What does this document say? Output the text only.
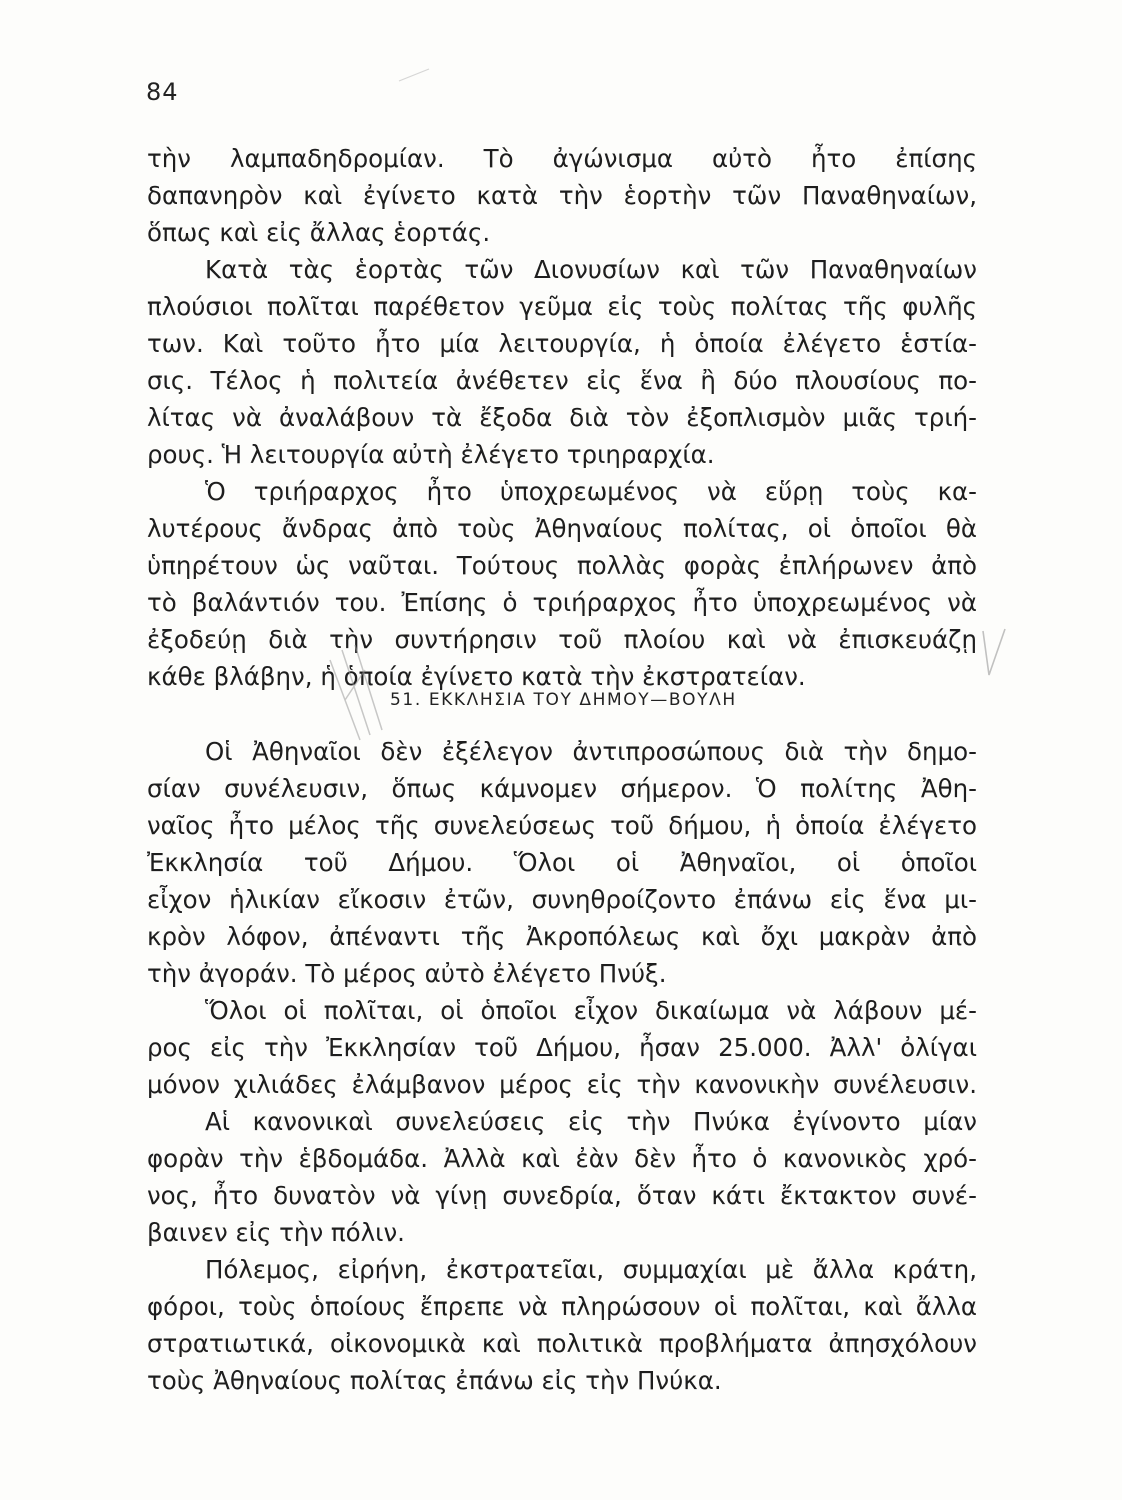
84
τὴν λαμπαδηδρομίαν. Τὸ ἀγώνισμα αὐτὸ ἦτο ἐπίσης
δαπανηρὸν καὶ ἐγίνετο κατὰ τὴν ἑορτὴν τῶν Παναθηναίων,
ὅπως καὶ εἰς ἄλλας ἑορτάς.
Κατὰ τὰς ἑορτὰς τῶν Διονυσίων καὶ τῶν Παναθηναίων
πλούσιοι πολῖται παρέθετον γεῦμα εἰς τοὺς πολίτας τῆς φυλῆς
των. Καὶ τοῦτο ἦτο μία λειτουργία, ἡ ὁποία ἐλέγετο ἑστία-
σις. Τέλος ἡ πολιτεία ἀνέθετεν εἰς ἕνα ἢ δύο πλουσίους πο-
λίτας νὰ ἀναλάβουν τὰ ἔξοδα διὰ τὸν ἐξοπλισμὸν μιᾶς τριή-
ρους. Ἡ λειτουργία αὐτὴ ἐλέγετο τριηραρχία.
Ὁ τριήραρχος ἦτο ὑποχρεωμένος νὰ εὕρῃ τοὺς κα-
λυτέρους ἄνδρας ἀπὸ τοὺς Ἀθηναίους πολίτας, οἱ ὁποῖοι θὰ
ὑπηρέτουν ὡς ναῦται. Τούτους πολλὰς φορὰς ἐπλήρωνεν ἀπὸ
τὸ βαλάντιόν του. Ἐπίσης ὁ τριήραρχος ἦτο ὑποχρεωμένος νὰ
ἐξοδεύῃ διὰ τὴν συντήρησιν τοῦ πλοίου καὶ νὰ ἐπισκευάζῃ
κάθε βλάβην, ἡ ὁποία ἐγίνετο κατὰ τὴν ἐκστρατείαν.
51. ΕΚΚΛΗΣΙΑ ΤΟΥ ΔΗΜΟΥ—ΒΟΥΛΗ
Οἱ Ἀθηναῖοι δὲν ἐξέλεγον ἀντιπροσώπους διὰ τὴν δημο-
σίαν συνέλευσιν, ὅπως κάμνομεν σήμερον. Ὁ πολίτης Ἀθη-
ναῖος ἦτο μέλος τῆς συνελεύσεως τοῦ δήμου, ἡ ὁποία ἐλέγετο
Ἐκκλησία τοῦ Δήμου. Ὅλοι οἱ Ἀθηναῖοι, οἱ ὁποῖοι
εἶχον ἡλικίαν εἴκοσιν ἐτῶν, συνηθροίζοντο ἐπάνω εἰς ἕνα μι-
κρὸν λόφον, ἀπέναντι τῆς Ἀκροπόλεως καὶ ὄχι μακρὰν ἀπὸ
τὴν ἀγοράν. Τὸ μέρος αὐτὸ ἐλέγετο Πνύξ.
Ὅλοι οἱ πολῖται, οἱ ὁποῖοι εἶχον δικαίωμα νὰ λάβουν μέ-
ρος εἰς τὴν Ἐκκλησίαν τοῦ Δήμου, ἦσαν 25.000. Ἀλλ' ὀλίγαι
μόνον χιλιάδες ἐλάμβανον μέρος εἰς τὴν κανονικὴν συνέλευσιν.
Αἱ κανονικαὶ συνελεύσεις εἰς τὴν Πνύκα ἐγίνοντο μίαν
φορὰν τὴν ἑβδομάδα. Ἀλλὰ καὶ ἐὰν δὲν ἦτο ὁ κανονικὸς χρό-
νος, ἦτο δυνατὸν νὰ γίνῃ συνεδρία, ὅταν κάτι ἔκτακτον συνέ-
βαινεν εἰς τὴν πόλιν.
Πόλεμος, εἰρήνη, ἐκστρατεῖαι, συμμαχίαι μὲ ἄλλα κράτη,
φόροι, τοὺς ὁποίους ἔπρεπε νὰ πληρώσουν οἱ πολῖται, καὶ ἄλλα
στρατιωτικά, οἰκονομικὰ καὶ πολιτικὰ προβλήματα ἀπησχόλουν
τοὺς Ἀθηναίους πολίτας ἐπάνω εἰς τὴν Πνύκα.
